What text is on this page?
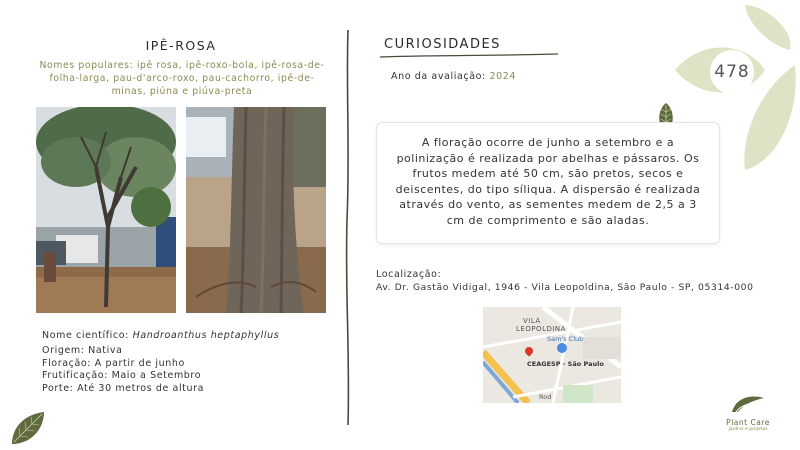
478
IPÊ-ROSA
Nomes populares: ipê rosa, ipê-roxo-bola, ipê-rosa-de-folha-larga, pau-d'arco-roxo, pau-cachorro, ipê-de-minas, piúna e piúva-preta
Nome científico: Handroanthus heptaphyllus
Origem: Nativa
Floração: A partir de junho
Frutificação: Maio a Setembro
Porte: Até 30 metros de altura
CURIOSIDADES
Ano da avaliação: 2024

A floração ocorre de junho a setembro e a polinização é realizada por abelhas e pássaros. Os frutos medem até 50 cm, são pretos, secos e deiscentes, do tipo síliqua. A dispersão é realizada através do vento, as sementes medem de 2,5 a 3 cm de comprimento e são aladas.

Localização:
Av. Dr. Gastão Vidigal, 1946 - Vila Leopoldina, São Paulo - SP, 05314-000
VILA
LEOPOLDINA
Sam's Club
CEAGESP - São Paulo
Rod
Plant Care
jardins e projetos
